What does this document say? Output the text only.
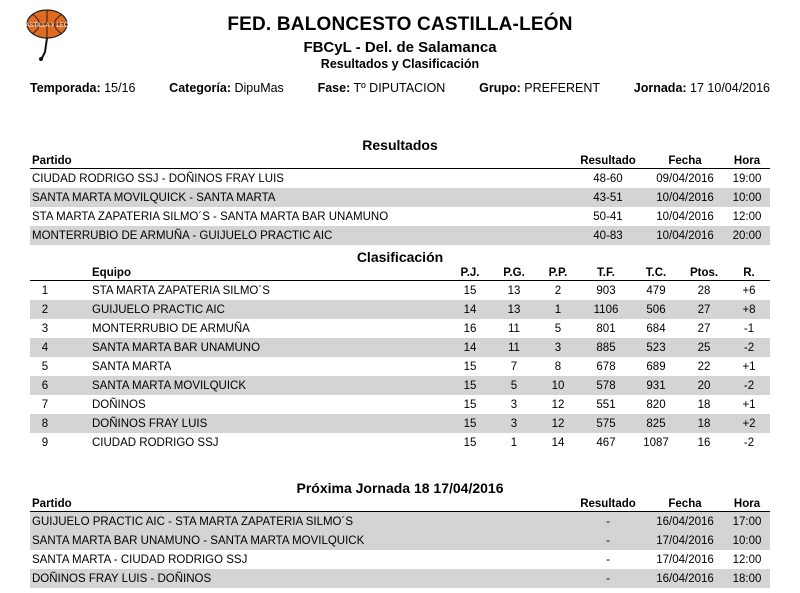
CASTILLA Y LEÓN	FED. BALONCESTO CASTILLA-LEÓN
FBCyL - Del. de Salamanca
Resultados y Clasificación
Temporada: 15/16	Categoría: DipuMas	Fase: Tº DIPUTACION	Grupo: PREFERENT	Jornada: 17 10/04/2016
Resultados
Partido	Resultado	Fecha	Hora
CIUDAD RODRIGO SSJ - DOÑINOS FRAY LUIS	48-60	09/04/2016	19:00
SANTA MARTA MOVILQUICK - SANTA MARTA	43-51	10/04/2016	10:00
STA MARTA ZAPATERIA SILMO´S - SANTA MARTA BAR UNAMUNO	50-41	10/04/2016	12:00
MONTERRUBIO DE ARMUÑA - GUIJUELO PRACTIC AIC	40-83	10/04/2016	20:00
Clasificación
	Equipo	P.J.	P.G.	P.P.	T.F.	T.C.	Ptos.	R.
1	STA MARTA ZAPATERIA SILMO´S	15	13	2	903	479	28	+6
2	GUIJUELO PRACTIC AIC	14	13	1	1106	506	27	+8
3	MONTERRUBIO DE ARMUÑA	16	11	5	801	684	27	-1
4	SANTA MARTA BAR UNAMUNO	14	11	3	885	523	25	-2
5	SANTA MARTA	15	7	8	678	689	22	+1
6	SANTA MARTA MOVILQUICK	15	5	10	578	931	20	-2
7	DOÑINOS	15	3	12	551	820	18	+1
8	DOÑINOS FRAY LUIS	15	3	12	575	825	18	+2
9	CIUDAD RODRIGO SSJ	15	1	14	467	1087	16	-2
Próxima Jornada 18 17/04/2016
Partido	Resultado	Fecha	Hora
GUIJUELO PRACTIC AIC - STA MARTA ZAPATERIA SILMO´S	-	16/04/2016	17:00
SANTA MARTA BAR UNAMUNO - SANTA MARTA MOVILQUICK	-	17/04/2016	10:00
SANTA MARTA - CIUDAD RODRIGO SSJ	-	17/04/2016	12:00
DOÑINOS FRAY LUIS - DOÑINOS	-	16/04/2016	18:00
